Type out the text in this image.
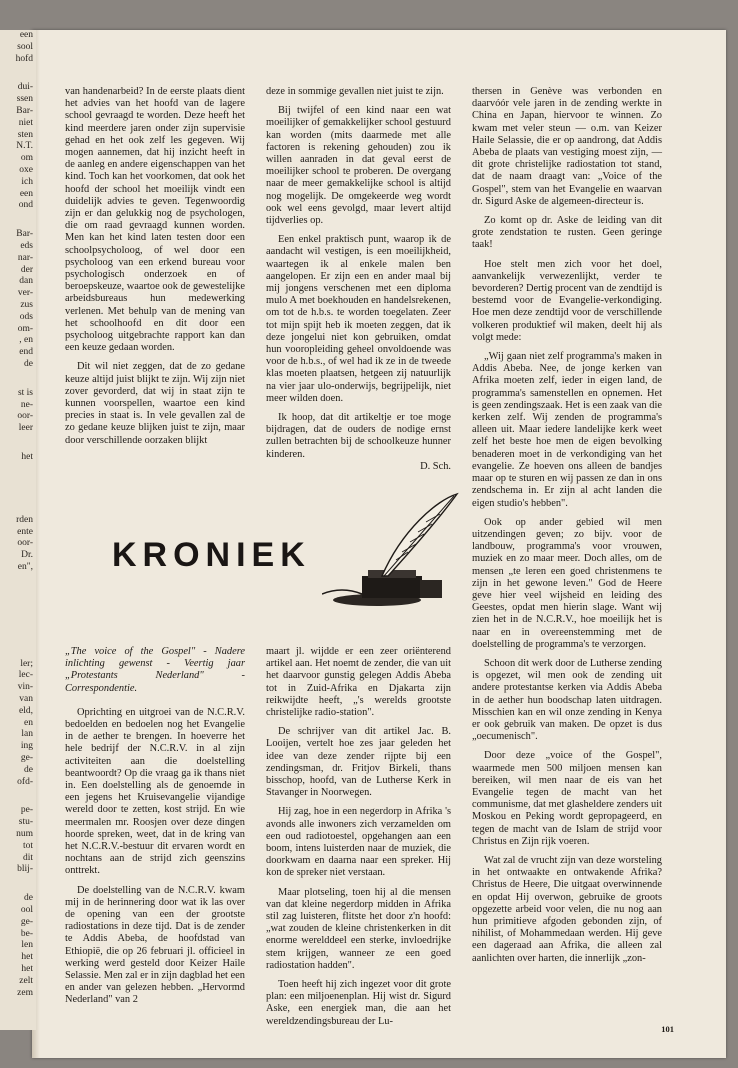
van handenarbeid? In de eerste plaats dient het advies van het hoofd van de lagere school gevraagd te worden. Deze heeft het kind meerdere jaren onder zijn supervisie gehad en het ook zelf les gegeven. Wij mogen aannemen, dat hij inzicht heeft in de aanleg en andere eigenschappen van het kind. Toch kan het voorkomen, dat ook het hoofd der school het moeilijk vindt een duidelijk advies te geven. Tegenwoordig zijn er dan gelukkig nog de psychologen, die om raad gevraagd kunnen worden. Men kan het kind laten testen door een schoolpsycholoog, of wel door een psycholoog van een erkend bureau voor psychologisch onderzoek en of beroepskeuze, waartoe ook de gewestelijke arbeidsbureaus hun medewerking verlenen. Met behulp van de mening van het schoolhoofd en dit door een psycholoog uitgebrachte rapport kan dan een keuze gedaan worden.

Dit wil niet zeggen, dat de zo gedane keuze altijd juist blijkt te zijn. Wij zijn niet zover gevorderd, dat wij in staat zijn te kunnen voorspellen, waartoe een kind precies in staat is. In vele gevallen zal de zo gedane keuze blijken juist te zijn, maar door verschillende oorzaken blijkt

deze in sommige gevallen niet juist te zijn.

Bij twijfel of een kind naar een wat moeilijker of gemakkelijker school gestuurd kan worden (mits daarmede met alle factoren is rekening gehouden) zou ik willen aanraden in dat geval eerst de moeilijker school te proberen. De overgang naar de meer gemakkelijke school is altijd nog mogelijk. De omgekeerde weg wordt ook wel eens gevolgd, maar levert altijd tijdverlies op.

Een enkel praktisch punt, waarop ik de aandacht wil vestigen, is een moeilijkheid, waartegen ik al enkele malen ben aangelopen. Er zijn een en ander maal bij mij jongens verschenen met een diploma mulo A met boekhouden en handelsrekenen, om tot de h.b.s. te worden toegelaten. Zeer tot mijn spijt heb ik moeten zeggen, dat ik deze jongelui niet kon gebruiken, omdat hun vooropleiding geheel onvoldoende was voor de h.b.s., of wel had ik ze in de tweede klas moeten plaatsen, hetgeen zij natuurlijk na vier jaar ulo-onderwijs, begrijpelijk, niet meer wilden doen.

Ik hoop, dat dit artikeltje er toe moge bijdragen, dat de ouders de nodige ernst zullen betrachten bij de schoolkeuze hunner kinderen.

D. Sch.

thersen in Genève was verbonden en daarvóór vele jaren in de zending werkte in China en Japan, hiervoor te winnen. Zo kwam met veler steun — o.m. van Keizer Haile Selassie, die er op aandrong, dat Addis Abeba de plaats van vestiging moest zijn, — dit grote christelijke radiostation tot stand, dat de naam draagt van: „Voice of the Gospel", stem van het Evangelie en waarvan dr. Sigurd Aske de algemeen-directeur is.

Zo komt op dr. Aske de leiding van dit grote zendstation te rusten. Geen geringe taak!

Hoe stelt men zich voor het doel, aanvankelijk verwezenlijkt, verder te bevorderen? Dertig procent van de zendtijd is bestemd voor de Evangelie-verkondiging. Hoe men deze zendtijd voor de verschillende volkeren produktief wil maken, deelt hij als volgt mede:

„Wij gaan niet zelf programma's maken in Addis Abeba. Nee, de jonge kerken van Afrika moeten zelf, ieder in eigen land, de programma's samenstellen en opnemen. Het is geen zendingszaak. Het is een zaak van die kerken zelf. Wij zenden de programma's alleen uit. Maar iedere landelijke kerk weet zelf het beste hoe men de eigen bevolking benaderen moet in de verkondiging van het evangelie. Ze hoeven ons alleen de bandjes maar op te sturen en wij passen ze dan in ons zendschema in. Er zijn al acht landen die eigen studio's hebben".

Ook op ander gebied wil men uitzendingen geven; zo bijv. voor de landbouw, programma's voor vrouwen, muziek en zo maar meer. Doch alles, om de mensen „te leren een goed christenmens te zijn in het gewone leven." God de Heere geve hier veel wijsheid en leiding des Geestes, opdat men hierin slage. Want wij zien het in de N.C.R.V., hoe moeilijk het is naar en in overeenstemming met de doelstelling de programma's te verzorgen.

Schoon dit werk door de Lutherse zending is opgezet, wil men ook de zending uit andere protestantse kerken via Addis Abeba in de aether hun boodschap laten uitdragen. Misschien kan en wil onze zending in Kenya er ook gebruik van maken. De opzet is dus „oecumenisch".

Door deze „voice of the Gospel", waarmede men 500 miljoen mensen kan bereiken, wil men naar de eis van het Evangelie tegen de macht van het communisme, dat met glasheldere zenders uit Moskou en Peking wordt gepropageerd, en tegen de macht van de Islam de strijd voor Christus en Zijn rijk voeren.

Wat zal de vrucht zijn van deze worsteling in het ontwaakte en ontwakende Afrika? Christus de Heere, Die uitgaat overwinnende en opdat Hij overwon, gebruike de groots opgezette arbeid voor velen, die nu nog aan hun primitieve afgoden gebonden zijn, of nihilist, of Mohammedaan werden. Hij geve een dageraad aan Afrika, die alleen zal aanlichten over harten, die innerlijk „zon-

KRONIEK

„The voice of the Gospel" - Nadere inlichting gewenst - Veertig jaar „Protestants Nederland" - Correspondentie.

Oprichting en uitgroei van de N.C.R.V. bedoelden en bedoelen nog het Evangelie in de aether te brengen. In hoeverre het hele bedrijf der N.C.R.V. in al zijn activiteiten aan die doelstelling beantwoordt? Op die vraag ga ik thans niet in. Een doelstelling als de genoemde in een jegens het Kruisevangelie vijandige wereld door te zetten, kost strijd. En wie meermalen mr. Roosjen over deze dingen hoorde spreken, weet, dat in de kring van het N.C.R.V.-bestuur dit ervaren wordt en nochtans aan de strijd zich geenszins onttrekt.

De doelstelling van de N.C.R.V. kwam mij in de herinnering door wat ik las over de opening van een der grootste radiostations in deze tijd. Dat is de zender te Addis Abeba, de hoofdstad van Ethiopië, die op 26 februari jl. officieel in werking werd gesteld door Keizer Haile Selassie. Men zal er in zijn dagblad het een en ander van gelezen hebben. „Hervormd Nederland" van 2

maart jl. wijdde er een zeer oriënterend artikel aan. Het noemt de zender, die van uit het daarvoor gunstig gelegen Addis Abeba tot in Zuid-Afrika en Djakarta zijn reikwijdte heeft, „'s werelds grootste christelijke radio-station".

De schrijver van dit artikel Jac. B. Looijen, vertelt hoe zes jaar geleden het idee van deze zender rijpte bij een zendingsman, dr. Fritjov Birkeli, thans bisschop, hoofd, van de Lutherse Kerk in Stavanger in Noorwegen.

Hij zag, hoe in een negerdorp in Afrika 's avonds alle inwoners zich verzamelden om een oud radiotoestel, opgehangen aan een boom, intens luisterden naar de muziek, die doorkwam en daarna naar een spreker. Hij kon de spreker niet verstaan.

Maar plotseling, toen hij al die mensen van dat kleine negerdorp midden in Afrika stil zag luisteren, flitste het door z'n hoofd: „wat zouden de kleine christenkerken in dit enorme werelddeel een sterke, invloedrijke stem krijgen, wanneer ze een goed radiostation hadden".

Toen heeft hij zich ingezet voor dit grote plan: een miljoenenplan. Hij wist dr. Sigurd Aske, een energiek man, die aan het wereldzendingsbureau der Lu-

101
een
sool
hofd
dui-
ssen
Bar-
niet
sten
N.T.
om
oxe
ich
een
ond
Bar-
eds
nar-
der
dan
ver-
zus
ods
om-
, en
end
de
st is
ne-
oor-
leer
het
rden
ente
oor-
Dr.
en",
ler;
lec-
vin-
van
eld,
en
lan
ing
ge-
de
ofd-
pe-
stu-
num
tot
dit
blij-
de
ool
ge-
be-
len
het
het
zelt
zem
